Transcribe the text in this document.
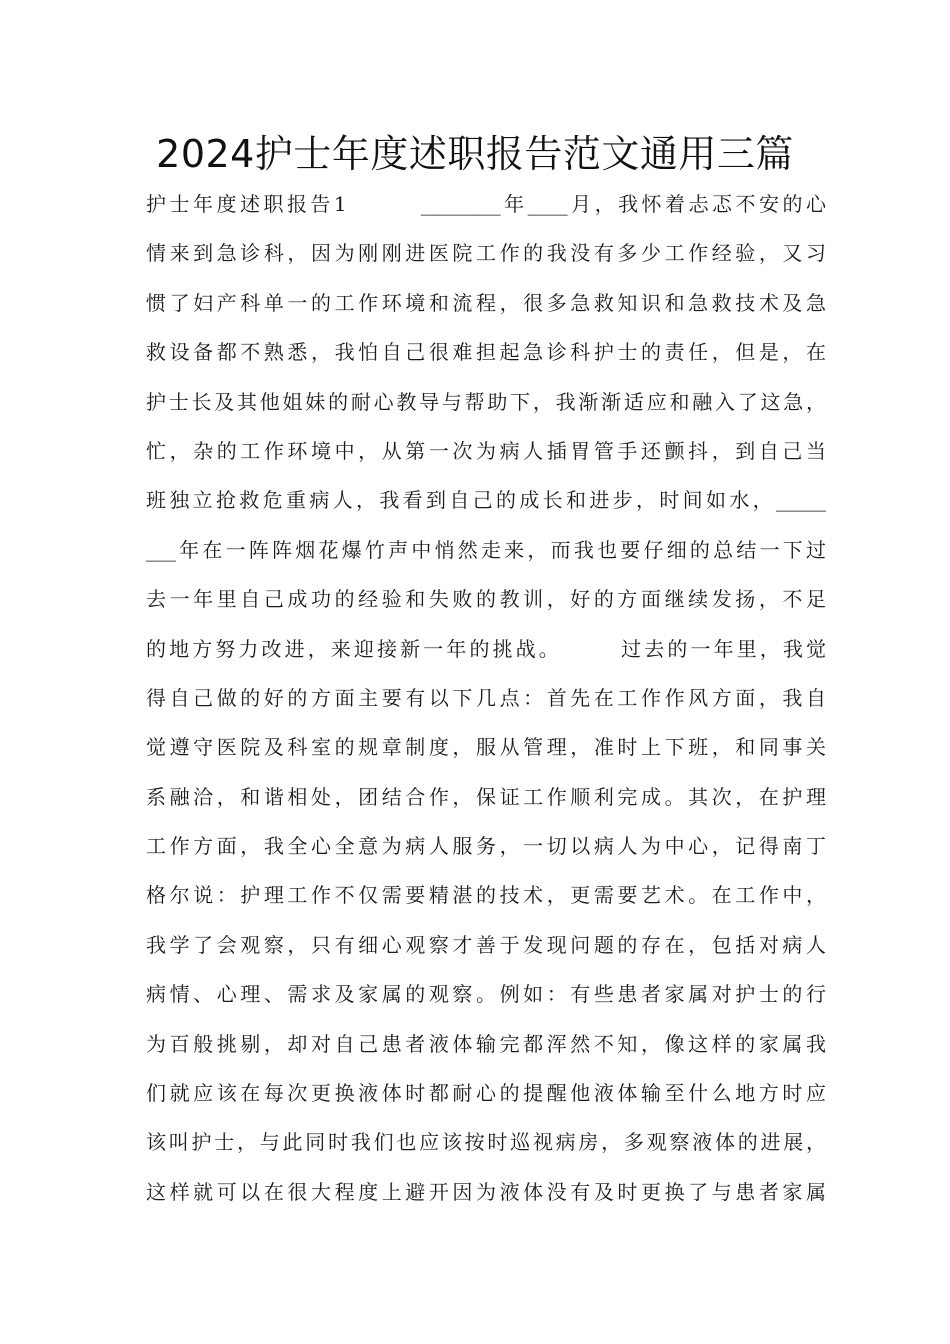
2024护士年度述职报告范文通用三篇
护士年度述职报告1　　　________年____月，我怀着忐忑不安的心
情来到急诊科，因为刚刚进医院工作的我没有多少工作经验，又习
惯了妇产科单一的工作环境和流程，很多急救知识和急救技术及急
救设备都不熟悉，我怕自己很难担起急诊科护士的责任，但是，在
护士长及其他姐妹的耐心教导与帮助下，我渐渐适应和融入了这急，
忙，杂的工作环境中，从第一次为病人插胃管手还颤抖，到自己当
班独立抢救危重病人，我看到自己的成长和进步，时间如水，_____
___年在一阵阵烟花爆竹声中悄然走来，而我也要仔细的总结一下过
去一年里自己成功的经验和失败的教训，好的方面继续发扬，不足
的地方努力改进，来迎接新一年的挑战。　　　过去的一年里，我觉
得自己做的好的方面主要有以下几点：首先在工作作风方面，我自
觉遵守医院及科室的规章制度，服从管理，准时上下班，和同事关
系融洽，和谐相处，团结合作，保证工作顺利完成。其次，在护理
工作方面，我全心全意为病人服务，一切以病人为中心，记得南丁
格尔说：护理工作不仅需要精湛的技术，更需要艺术。在工作中，
我学了会观察，只有细心观察才善于发现问题的存在，包括对病人
病情、心理、需求及家属的观察。例如：有些患者家属对护士的行
为百般挑剔，却对自己患者液体输完都浑然不知，像这样的家属我
们就应该在每次更换液体时都耐心的提醒他液体输至什么地方时应
该叫护士，与此同时我们也应该按时巡视病房，多观察液体的进展，
这样就可以在很大程度上避开因为液体没有及时更换了与患者家属
